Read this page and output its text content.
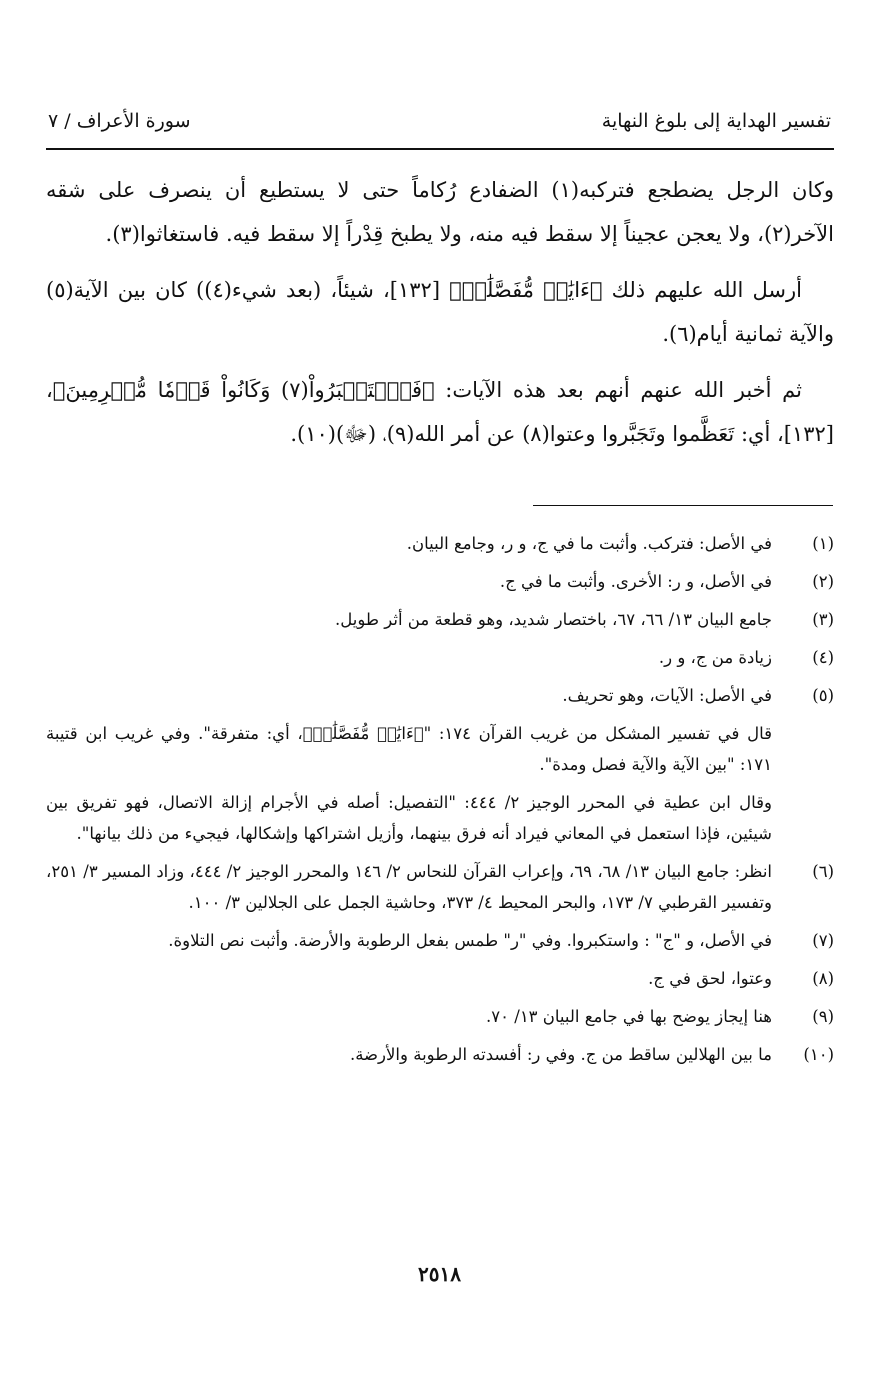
تفسير الهداية إلى بلوغ النهاية
سورة الأعراف / ٧

وكان الرجل يضطجع فتركبه(١) الضفادع رُكاماً حتى لا يستطيع أن ينصرف على شقه الآخر(٢)، ولا يعجن عجيناً إلا سقط فيه منه، ولا يطبخ قِدْراً إلا سقط فيه. فاستغاثوا(٣).

أرسل الله عليهم ذلك ﴿ءَايَٰتٖ مُّفَصَّلَٰتٖ﴾ [١٣٢]، شيئاً، (بعد شيء(٤)) كان بين الآية(٥) والآية ثمانية أيام(٦).

ثم أخبر الله عنهم أنهم بعد هذه الآيات: ﴿فَٱسۡتَكۡبَرُواْ(٧) وَكَانُواْ قَوۡمٗا مُّجۡرِمِينَ﴾، [١٣٢]، أي: تَعَظَّموا وتَجَبَّروا وعتوا(٨) عن أمر الله(٩)، (ﷻ)(١٠).

(١)
في الأصل: فتركب. وأثبت ما في ج، و ر، وجامع البيان.
(٢)
في الأصل، و ر: الأخرى. وأثبت ما في ج.
(٣)
جامع البيان ١٣/ ٦٦، ٦٧، باختصار شديد، وهو قطعة من أثر طويل.
(٤)
زيادة من ج، و ر.
(٥)
في الأصل: الآيات، وهو تحريف.
قال في تفسير المشكل من غريب القرآن ١٧٤: "﴿ءَايَٰتٖ مُّفَصَّلَٰتٖ﴾، أي: متفرقة". وفي غريب ابن قتيبة ١٧١: "بين الآية والآية فصل ومدة".
وقال ابن عطية في المحرر الوجيز ٢/ ٤٤٤: "التفصيل: أصله في الأجرام إزالة الاتصال، فهو تفريق بين شيئين، فإذا استعمل في المعاني فيراد أنه فرق بينهما، وأزيل اشتراكها وإشكالها، فيجيء من ذلك بيانها".
(٦)
انظر: جامع البيان ١٣/ ٦٨، ٦٩، وإعراب القرآن للنحاس ٢/ ١٤٦ والمحرر الوجيز ٢/ ٤٤٤، وزاد المسير ٣/ ٢٥١، وتفسير القرطبي ٧/ ١٧٣، والبحر المحيط ٤/ ٣٧٣، وحاشية الجمل على الجلالين ٣/ ١٠٠.
(٧)
في الأصل، و "ج" : واستكبروا. وفي "ر" طمس بفعل الرطوبة والأرضة. وأثبت نص التلاوة.
(٨)
وعتوا، لحق في ج.
(٩)
هنا إيجاز يوضح بها في جامع البيان ١٣/ ٧٠.
(١٠)
ما بين الهلالين ساقط من ج. وفي ر: أفسدته الرطوبة والأرضة.
٢٥١٨
